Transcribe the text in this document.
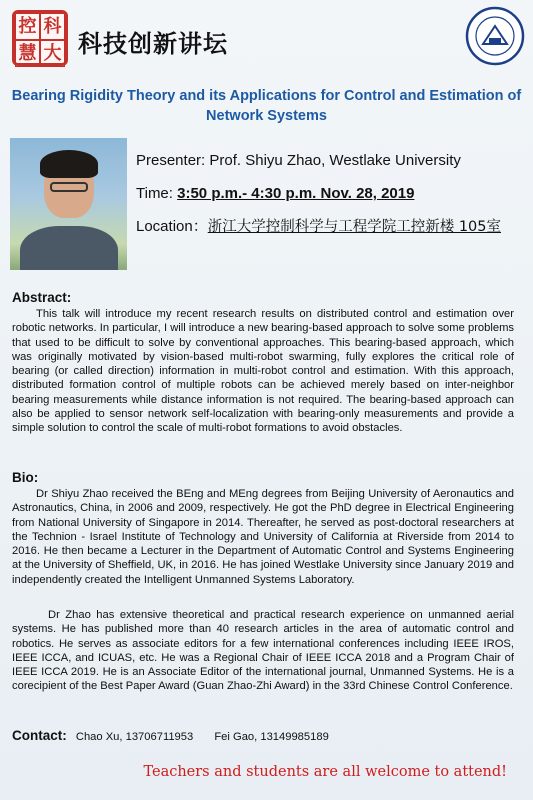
控 科
慧 大 科技创新讲坛
Bearing Rigidity Theory and its Applications for Control and Estimation of Network Systems
Presenter: Prof. Shiyu Zhao, Westlake University
Time: 3:50 p.m.- 4:30 p.m. Nov. 28, 2019
Location：浙江大学控制科学与工程学院工控新楼 105室
Abstract:
This talk will introduce my recent research results on distributed control and estimation over robotic networks. In particular, I will introduce a new bearing-based approach to solve some problems that used to be difficult to solve by conventional approaches. This bearing-based approach, which was originally motivated by vision-based multi-robot swarming, fully explores the critical role of bearing (or called direction) information in multi-robot control and estimation. With this approach, distributed formation control of multiple robots can be achieved merely based on inter-neighbor bearing measurements while distance information is not required. The bearing-based approach can also be applied to sensor network self-localization with bearing-only measurements and provide a simple solution to control the scale of multi-robot formations to avoid obstacles.
Bio:
Dr Shiyu Zhao received the BEng and MEng degrees from Beijing University of Aeronautics and Astronautics, China, in 2006 and 2009, respectively. He got the PhD degree in Electrical Engineering from National University of Singapore in 2014. Thereafter, he served as post-doctoral researchers at the Technion - Israel Institute of Technology and University of California at Riverside from 2014 to 2016. He then became a Lecturer in the Department of Automatic Control and Systems Engineering at the University of Sheffield, UK, in 2016. He has joined Westlake University since January 2019 and independently created the Intelligent Unmanned Systems Laboratory.
Dr Zhao has extensive theoretical and practical research experience on unmanned aerial systems. He has published more than 40 research articles in the area of automatic control and robotics. He serves as associate editors for a few international conferences including IEEE IROS, IEEE ICCA, and ICUAS, etc. He was a Regional Chair of IEEE ICCA 2018 and a Program Chair of IEEE ICCA 2019. He is an Associate Editor of the international journal, Unmanned Systems. He is a corecipient of the Best Paper Award (Guan Zhao-Zhi Award) in the 33rd Chinese Control Conference.
Contact: Chao Xu, 13706711953 Fei Gao, 13149985189
Teachers and students are all welcome to attend!
